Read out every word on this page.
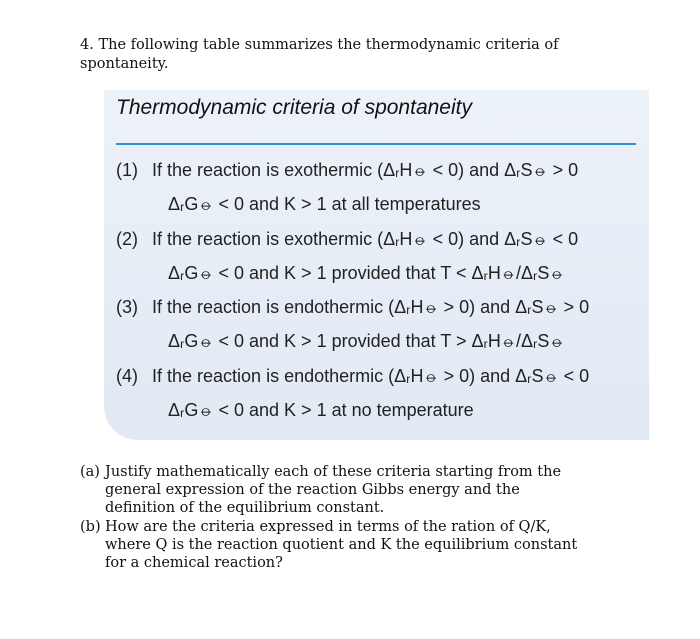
4. The following table summarizes the thermodynamic criteria of spontaneity.
Thermodynamic criteria of spontaneity
(1) If the reaction is exothermic (ΔᵣH⦵ < 0) and ΔᵣS⦵ > 0
ΔᵣG⦵ < 0 and K > 1 at all temperatures
(2) If the reaction is exothermic (ΔᵣH⦵ < 0) and ΔᵣS⦵ < 0
ΔᵣG⦵ < 0 and K > 1 provided that T < ΔᵣH⦵/ΔᵣS⦵
(3) If the reaction is endothermic (ΔᵣH⦵ > 0) and ΔᵣS⦵ > 0
ΔᵣG⦵ < 0 and K > 1 provided that T > ΔᵣH⦵/ΔᵣS⦵
(4) If the reaction is endothermic (ΔᵣH⦵ > 0) and ΔᵣS⦵ < 0
ΔᵣG⦵ < 0 and K > 1 at no temperature
(a) Justify mathematically each of these criteria starting from the general expression of the reaction Gibbs energy and the definition of the equilibrium constant.
(b) How are the criteria expressed in terms of the ration of Q/K, where Q is the reaction quotient and K the equilibrium constant for a chemical reaction?
